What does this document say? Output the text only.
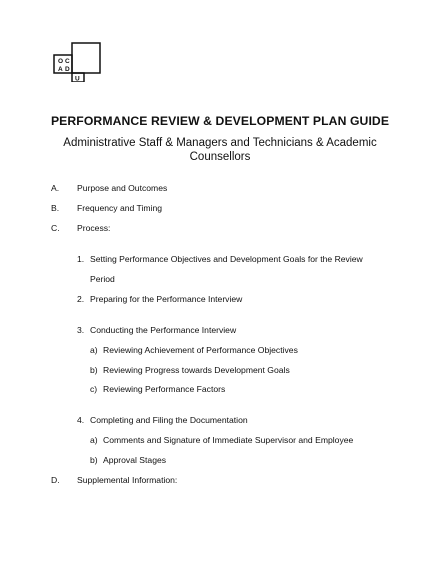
O C
A D
U
PERFORMANCE REVIEW & DEVELOPMENT PLAN GUIDE
Administrative Staff & Managers and Technicians & Academic
Counsellors
A. Purpose and Outcomes
B. Frequency and Timing
C. Process:
1. Setting Performance Objectives and Development Goals for the Review
Period
2. Preparing for the Performance Interview
3. Conducting the Performance Interview
a) Reviewing Achievement of Performance Objectives
b) Reviewing Progress towards Development Goals
c) Reviewing Performance Factors
4. Completing and Filing the Documentation
a) Comments and Signature of Immediate Supervisor and Employee
b) Approval Stages
D. Supplemental Information:
